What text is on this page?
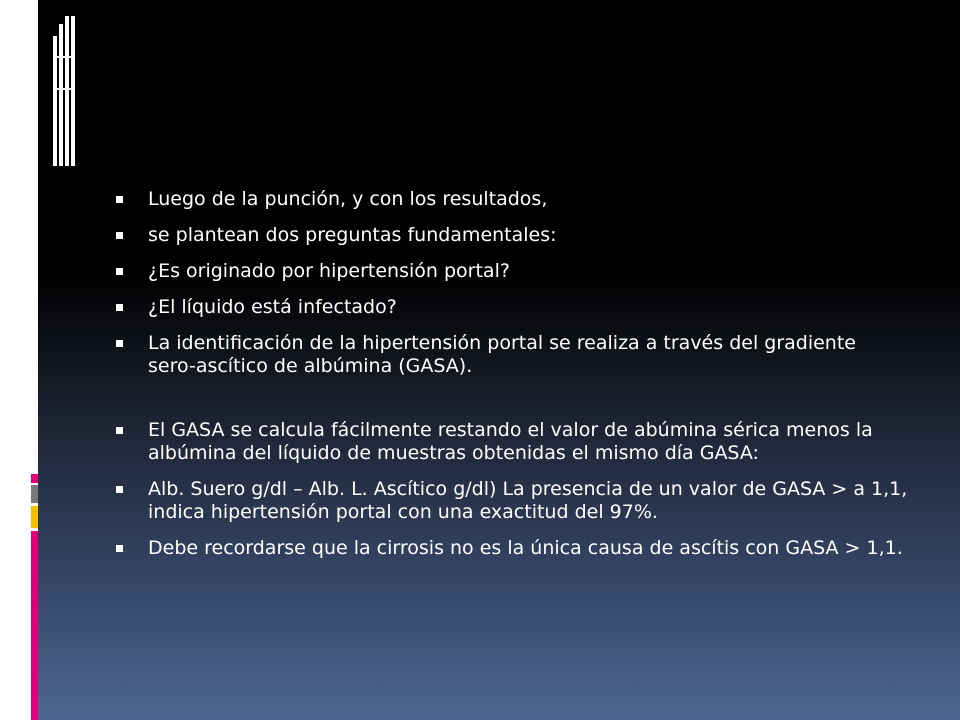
Luego de la punción, y con los resultados,
se plantean dos preguntas fundamentales:
¿Es originado por hipertensión portal?
¿El líquido está infectado?
La identificación de la hipertensión portal se realiza a través del gradiente sero-ascítico de albúmina (GASA).
El GASA se calcula fácilmente restando el valor de abúmina sérica menos la albúmina del líquido de muestras obtenidas el mismo día GASA:
Alb. Suero g/dl – Alb. L. Ascítico g/dl) La presencia de un valor de GASA > a 1,1, indica hipertensión portal con una exactitud del 97%.
Debe recordarse que la cirrosis no es la única causa de ascítis con GASA > 1,1.
